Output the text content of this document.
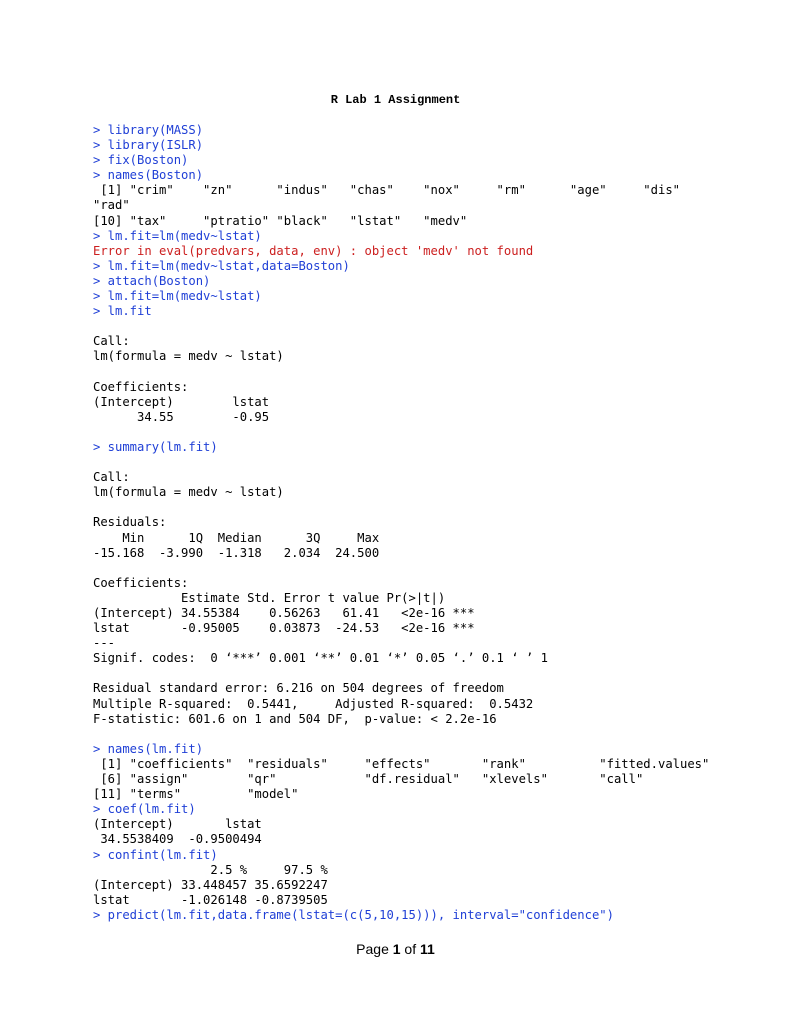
R Lab 1 Assignment
> library(MASS)
> library(ISLR)
> fix(Boston)
> names(Boston)
[1] "crim"    "zn"      "indus"   "chas"    "nox"     "rm"      "age"     "dis"
"rad"
[10] "tax"     "ptratio" "black"   "lstat"   "medv"
> lm.fit=lm(medv~lstat)
Error in eval(predvars, data, env) : object 'medv' not found
> lm.fit=lm(medv~lstat,data=Boston)
> attach(Boston)
> lm.fit=lm(medv~lstat)
> lm.fit
Call:
lm(formula = medv ~ lstat)
Coefficients:
(Intercept)        lstat
34.55        -0.95
> summary(lm.fit)
Call:
lm(formula = medv ~ lstat)
Residuals:
Min      1Q  Median      3Q     Max
-15.168  -3.990  -1.318   2.034  24.500
Coefficients:
Estimate Std. Error t value Pr(>|t|)
(Intercept) 34.55384    0.56263   61.41   <2e-16 ***
lstat       -0.95005    0.03873  -24.53   <2e-16 ***
---
Signif. codes:  0 ‘***’ 0.001 ‘**’ 0.01 ‘*’ 0.05 ‘.’ 0.1 ‘ ’ 1
Residual standard error: 6.216 on 504 degrees of freedom
Multiple R-squared:  0.5441,     Adjusted R-squared:  0.5432
F-statistic: 601.6 on 1 and 504 DF,  p-value: < 2.2e-16
> names(lm.fit)
[1] "coefficients"  "residuals"     "effects"       "rank"          "fitted.values"
[6] "assign"        "qr"            "df.residual"   "xlevels"       "call"
[11] "terms"         "model"
> coef(lm.fit)
(Intercept)       lstat
34.5538409  -0.9500494
> confint(lm.fit)
2.5 %     97.5 %
(Intercept) 33.448457 35.6592247
lstat       -1.026148 -0.8739505
> predict(lm.fit,data.frame(lstat=(c(5,10,15))), interval="confidence")
Page 1 of 11
